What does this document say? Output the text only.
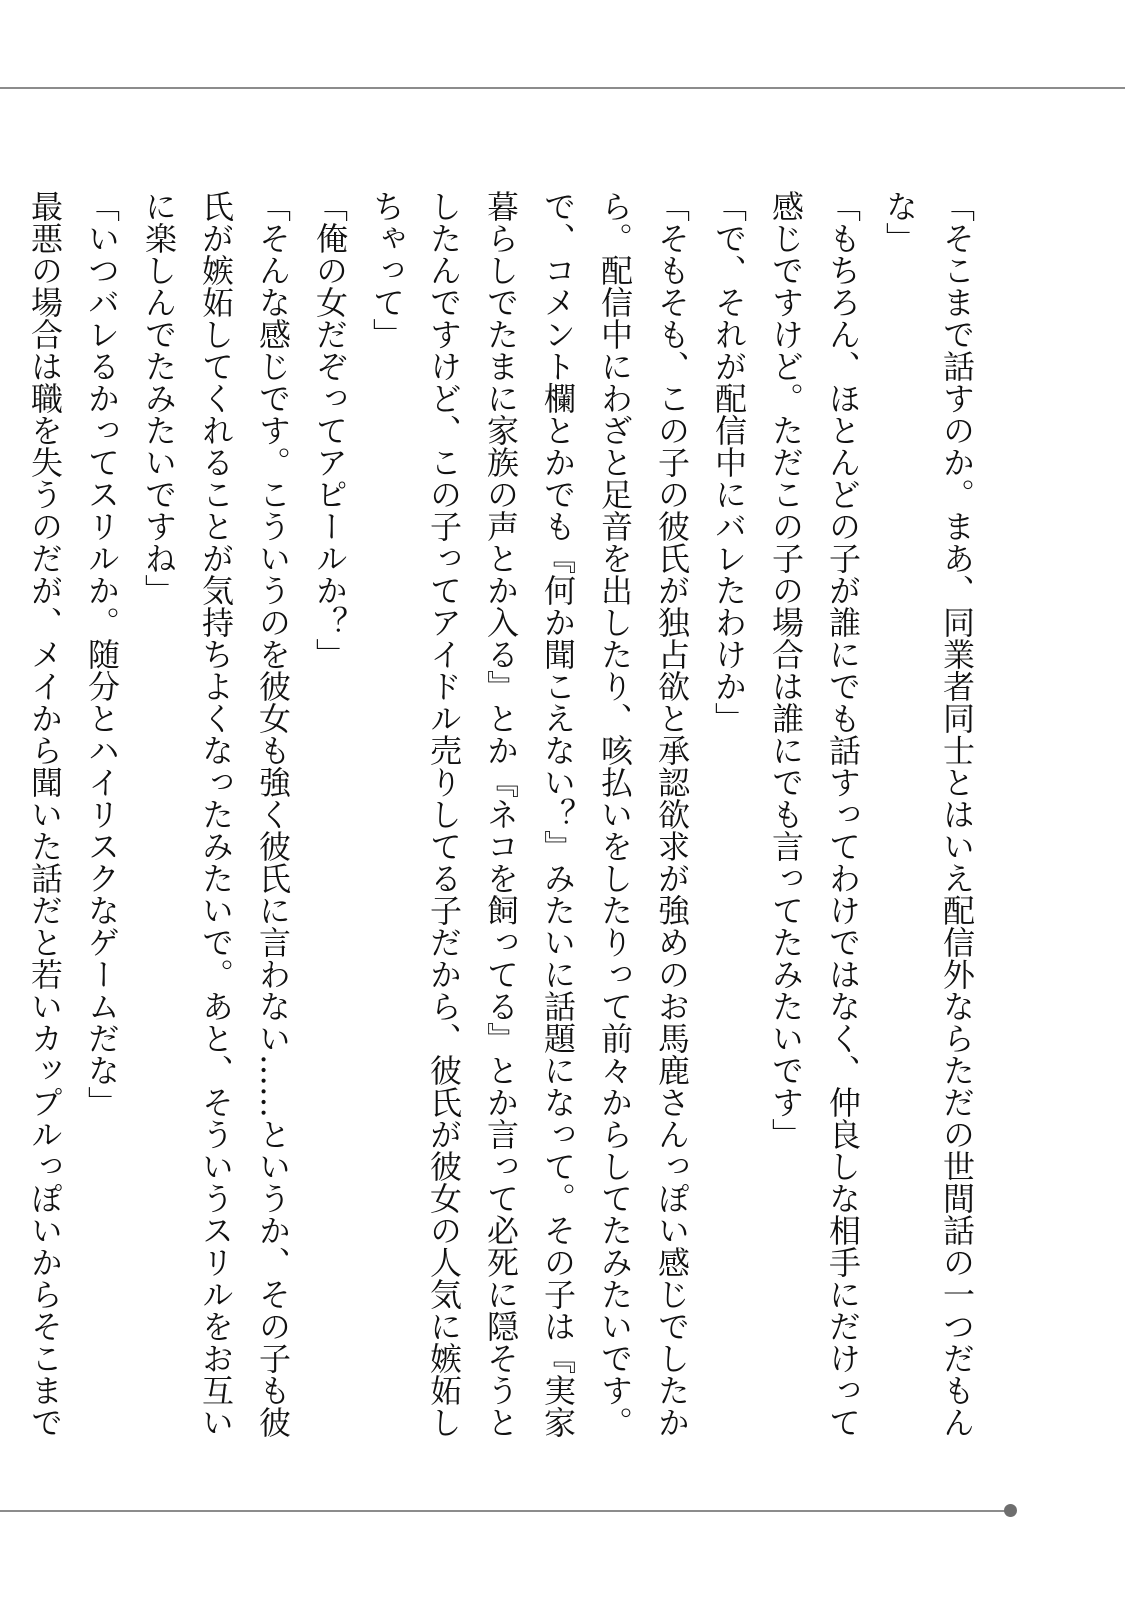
「そこまで話すのか。まあ、同業者同士とはいえ配信外ならただの世間話の一つだもんな」

「もちろん、ほとんどの子が誰にでも話すってわけではなく、仲良しな相手にだけって感じですけど。ただこの子の場合は誰にでも言ってたみたいです」

「で、それが配信中にバレたわけか」

「そもそも、この子の彼氏が独占欲と承認欲求が強めのお馬鹿さんっぽい感じでしたから。配信中にわざと足音を出したり、咳払いをしたりって前々からしてたみたいです。で、コメント欄とかでも『何か聞こえない？』みたいに話題になって。その子は『実家暮らしでたまに家族の声とか入る』とか『ネコを飼ってる』とか言って必死に隠そうとしたんですけど、この子ってアイドル売りしてる子だから、彼氏が彼女の人気に嫉妬しちゃって」

「俺の女だぞってアピールか？」

「そんな感じです。こういうのを彼女も強く彼氏に言わない……というか、その子も彼氏が嫉妬してくれることが気持ちよくなったみたいで。あと、そういうスリルをお互いに楽しんでたみたいですね」

「いつバレるかってスリルか。随分とハイリスクなゲームだな」

最悪の場合は職を失うのだが、メイから聞いた話だと若いカップルっぽいからそこまで
